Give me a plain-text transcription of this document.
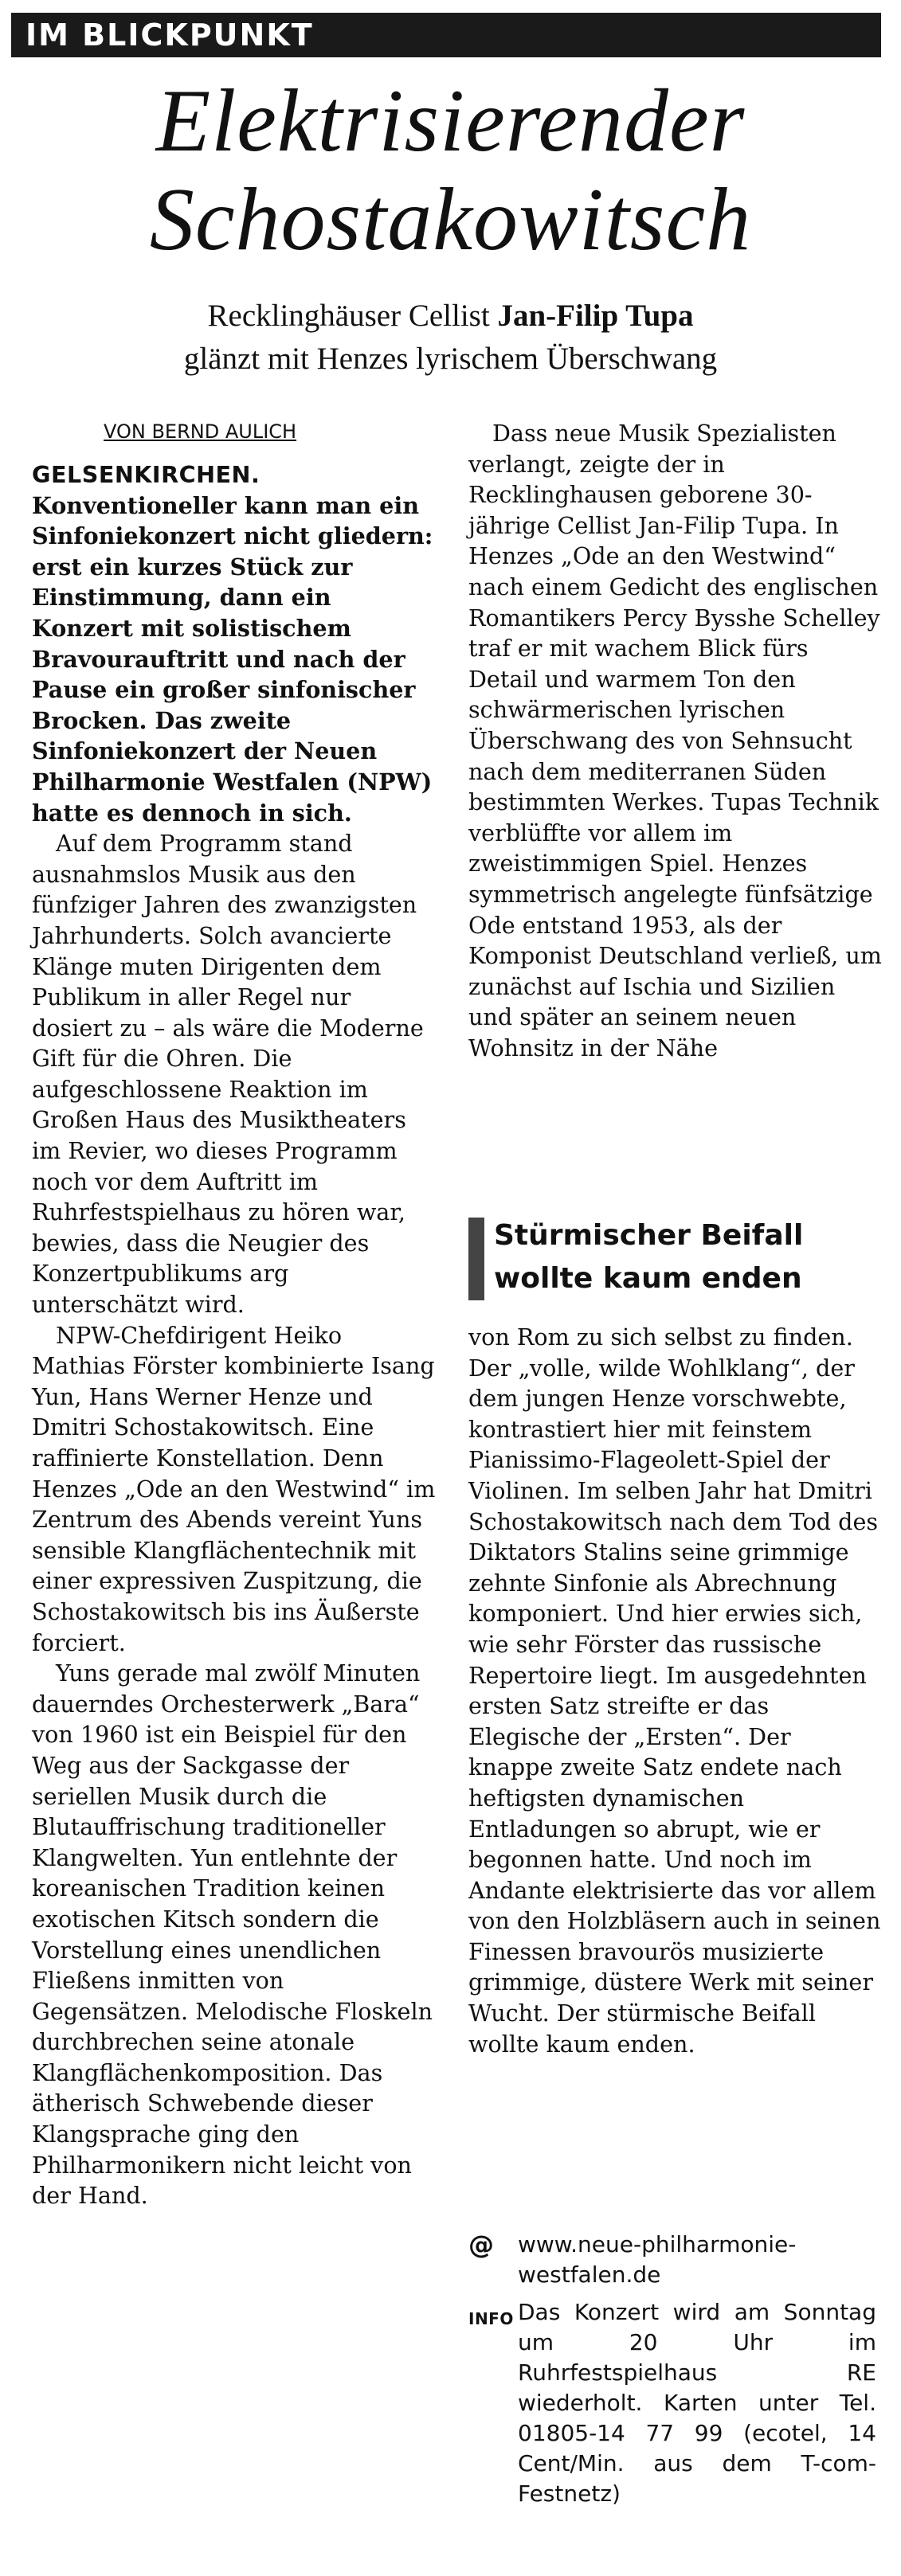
IM BLICKPUNKT
Elektrisierender
Schostakowitsch
Recklinghäuser Cellist Jan-Filip Tupa
glänzt mit Henzes lyrischem Überschwang
VON BERND AULICH

GELSENKIRCHEN. Konventioneller kann man ein Sinfoniekonzert nicht gliedern: erst ein kurzes Stück zur Einstimmung, dann ein Konzert mit solistischem Bravourauftritt und nach der Pause ein großer sinfonischer Brocken. Das zweite Sinfoniekonzert der Neuen Philharmonie Westfalen (NPW) hatte es dennoch in sich.

Auf dem Programm stand ausnahmslos Musik aus den fünfziger Jahren des zwanzigsten Jahrhunderts. Solch avancierte Klänge muten Dirigenten dem Publikum in aller Regel nur dosiert zu – als wäre die Moderne Gift für die Ohren. Die aufgeschlossene Reaktion im Großen Haus des Musiktheaters im Revier, wo dieses Programm noch vor dem Auftritt im Ruhrfestspielhaus zu hören war, bewies, dass die Neugier des Konzertpublikums arg unterschätzt wird.

NPW-Chefdirigent Heiko Mathias Förster kombinierte Isang Yun, Hans Werner Henze und Dmitri Schostakowitsch. Eine raffinierte Konstellation. Denn Henzes „Ode an den Westwind“ im Zentrum des Abends vereint Yuns sensible Klangflächentechnik mit einer expressiven Zuspitzung, die Schostakowitsch bis ins Äußerste forciert.

Yuns gerade mal zwölf Minuten dauerndes Orchesterwerk „Bara“ von 1960 ist ein Beispiel für den Weg aus der Sackgasse der seriellen Musik durch die Blutauffrischung traditioneller Klangwelten. Yun entlehnte der koreanischen Tradition keinen exotischen Kitsch sondern die Vorstellung eines unendlichen Fließens inmitten von Gegensätzen. Melodische Floskeln durchbrechen seine atonale Klangflächenkomposition. Das ätherisch Schwebende dieser Klangsprache ging den Philharmonikern nicht leicht von der Hand.

Dass neue Musik Spezialisten verlangt, zeigte der in Recklinghausen geborene 30-jährige Cellist Jan-Filip Tupa. In Henzes „Ode an den Westwind“ nach einem Gedicht des englischen Romantikers Percy Bysshe Schelley traf er mit wachem Blick fürs Detail und warmem Ton den schwärmerischen lyrischen Überschwang des von Sehnsucht nach dem mediterranen Süden bestimmten Werkes. Tupas Technik verblüffte vor allem im zweistimmigen Spiel. Henzes symmetrisch angelegte fünfsätzige Ode entstand 1953, als der Komponist Deutschland verließ, um zunächst auf Ischia und Sizilien und später an seinem neuen Wohnsitz in der Nähe

Stürmischer Beifall
wollte kaum enden

von Rom zu sich selbst zu finden. Der „volle, wilde Wohlklang“, der dem jungen Henze vorschwebte, kontrastiert hier mit feinstem Pianissimo-Flageolett-Spiel der Violinen. Im selben Jahr hat Dmitri Schostakowitsch nach dem Tod des Diktators Stalins seine grimmige zehnte Sinfonie als Abrechnung komponiert. Und hier erwies sich, wie sehr Förster das russische Repertoire liegt. Im ausgedehnten ersten Satz streifte er das Elegische der „Ersten“. Der knappe zweite Satz endete nach heftigsten dynamischen Entladungen so abrupt, wie er begonnen hatte. Und noch im Andante elektrisierte das vor allem von den Holzbläsern auch in seinen Finessen bravourös musizierte grimmige, düstere Werk mit seiner Wucht. Der stürmische Beifall wollte kaum enden.

@ www.neue-philharmonie-westfalen.de
INFO Das Konzert wird am Sonntag um 20 Uhr im Ruhrfestspielhaus RE wiederholt. Karten unter Tel. 01805-14 77 99 (ecotel, 14 Cent/Min. aus dem T-com-Festnetz)
